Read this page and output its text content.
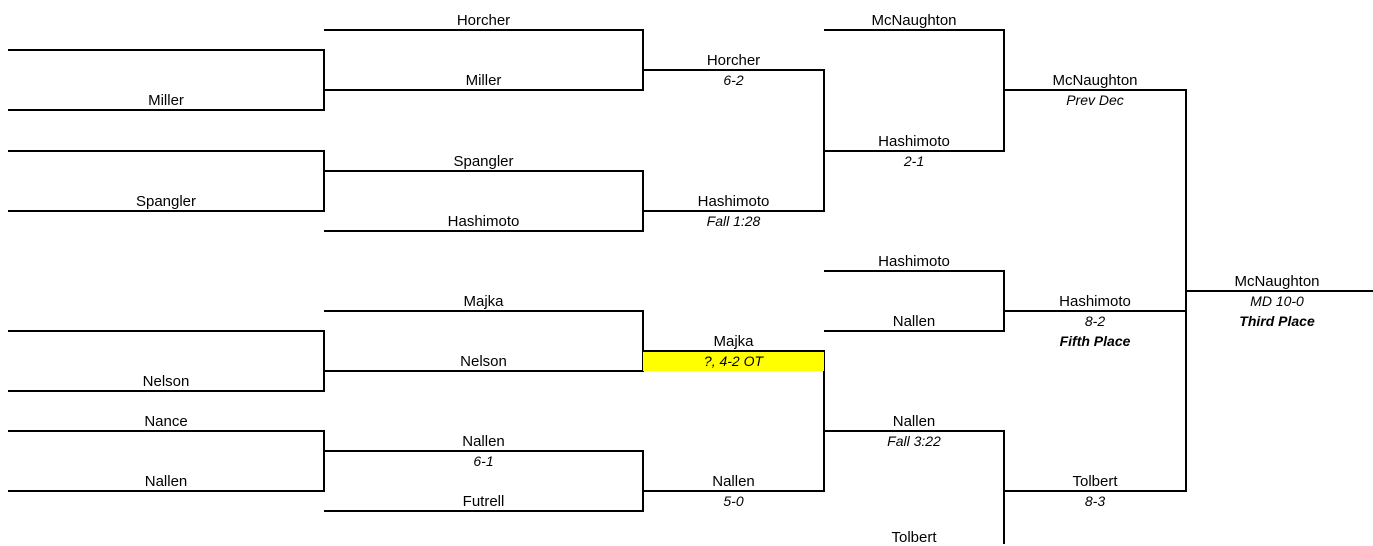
Miller
Spangler
Nelson
Nance
Nallen
Horcher
Miller
Spangler
Hashimoto
Majka
Nelson
Nallen
6-1
Futrell
Horcher
6-2
Hashimoto
Fall 1:28
Majka
?, 4-2 OT
Nallen
5-0
McNaughton
Hashimoto
2-1
Hashimoto
Nallen
Nallen
Fall 3:22
Tolbert
McNaughton
Prev Dec
Hashimoto
8-2
Fifth Place
Tolbert
8-3
McNaughton
MD 10-0
Third Place
